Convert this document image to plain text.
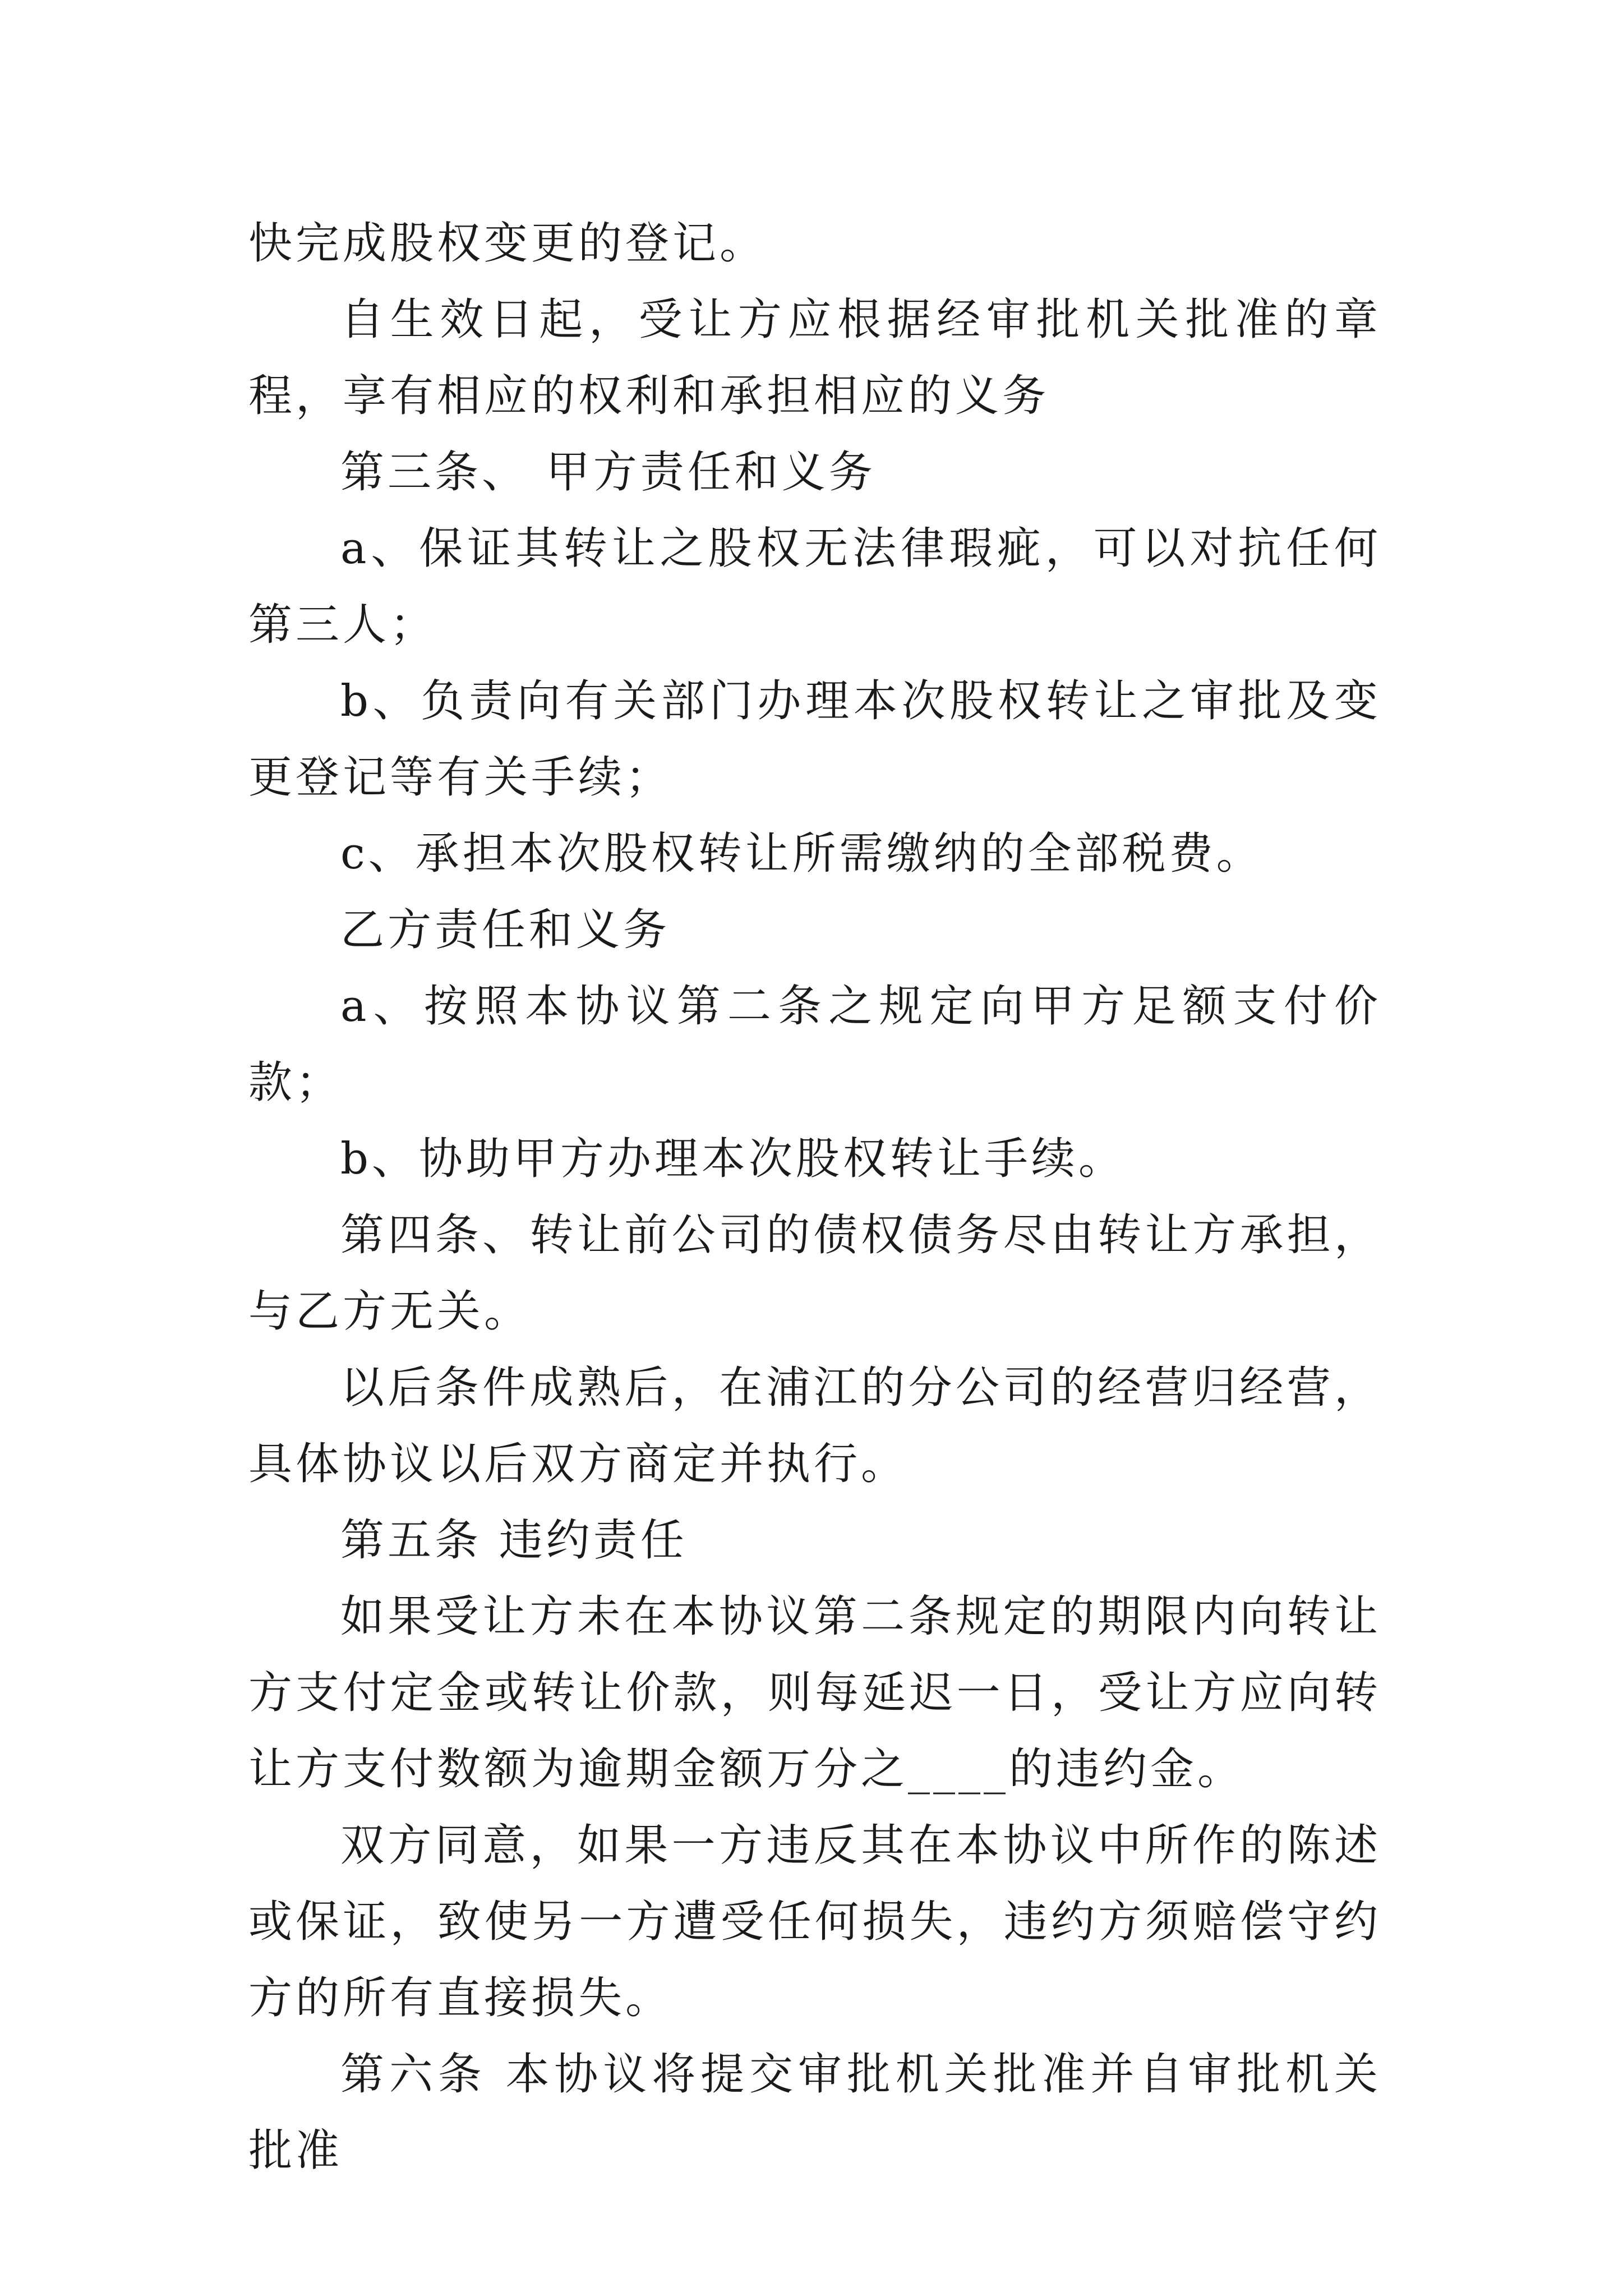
快完成股权变更的登记。

自生效日起，受让方应根据经审批机关批准的章程，享有相应的权利和承担相应的义务

第三条、 甲方责任和义务

a、保证其转让之股权无法律瑕疵，可以对抗任何第三人；

b、负责向有关部门办理本次股权转让之审批及变更登记等有关手续；

c、承担本次股权转让所需缴纳的全部税费。

乙方责任和义务

a、按照本协议第二条之规定向甲方足额支付价款；

b、协助甲方办理本次股权转让手续。

第四条、转让前公司的债权债务尽由转让方承担，与乙方无关。

以后条件成熟后，在浦江的分公司的经营归经营，具体协议以后双方商定并执行。

第五条 违约责任

如果受让方未在本协议第二条规定的期限内向转让方支付定金或转让价款，则每延迟一日，受让方应向转让方支付数额为逾期金额万分之____的违约金。

双方同意，如果一方违反其在本协议中所作的陈述或保证，致使另一方遭受任何损失，违约方须赔偿守约方的所有直接损失。

第六条 本协议将提交审批机关批准并自审批机关批准
